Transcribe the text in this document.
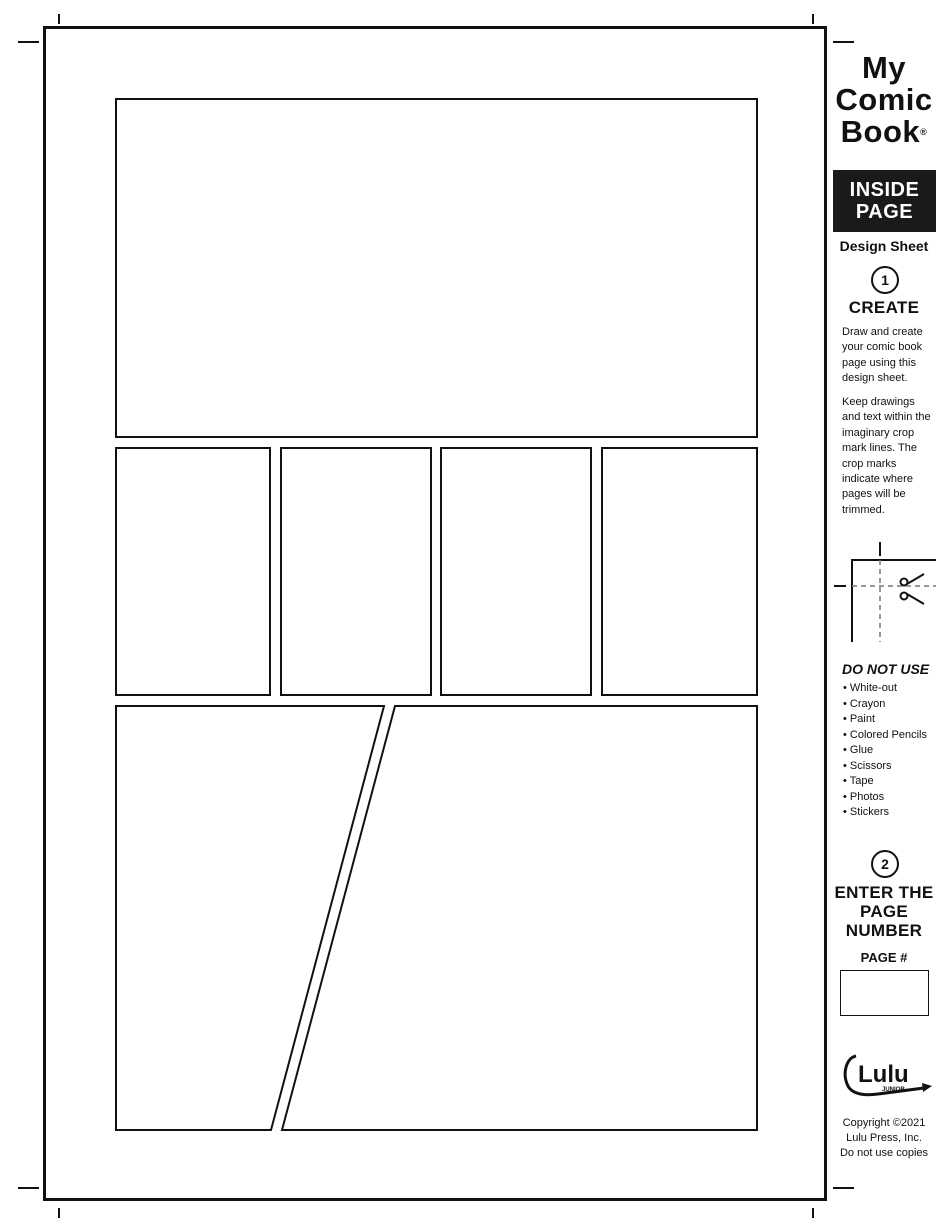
My
Comic
Book®
INSIDE
PAGE
Design Sheet
1
CREATE
Draw and create your comic book page using this design sheet.
Keep drawings and text within the imaginary crop mark lines. The crop marks indicate where pages will be trimmed.
DO NOT USE
• White-out
• Crayon
• Paint
• Colored Pencils
• Glue
• Scissors
• Tape
• Photos
• Stickers
2
ENTER THE
PAGE
NUMBER
PAGE #
Lulu
JUNIOR
Copyright ©2021
Lulu Press, Inc.
Do not use copies
